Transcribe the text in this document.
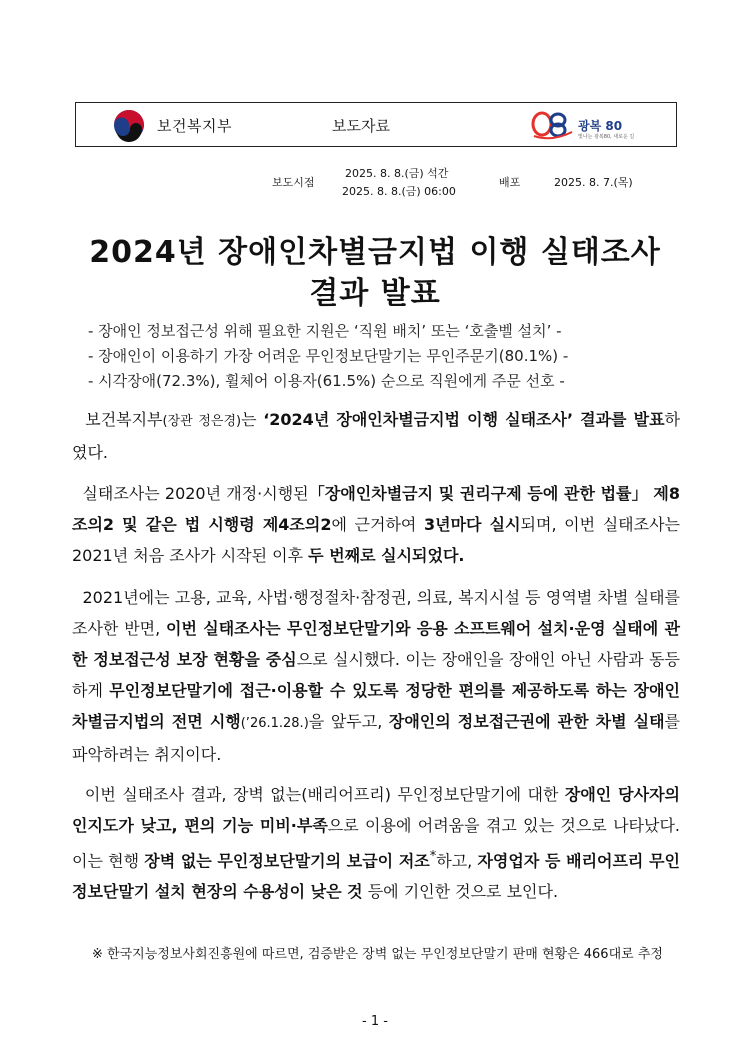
보건복지부	보도자료	광복 80
빛나는 광복80, 새로운 길
보도시점
2025. 8. 8.(금) 석간
2025. 8. 8.(금) 06:00
배포	2025. 8. 7.(목)
2024년 장애인차별금지법 이행 실태조사
결과 발표
- 장애인 정보접근성 위해 필요한 지원은 ‘직원 배치’ 또는 ‘호출벨 설치’ -
- 장애인이 이용하기 가장 어려운 무인정보단말기는 무인주문기(80.1%) -
- 시각장애(72.3%), 휠체어 이용자(61.5%) 순으로 직원에게 주문 선호 -

보건복지부(장관 정은경)는 ‘2024년 장애인차별금지법 이행 실태조사’ 결과를 발표하였다.

실태조사는 2020년 개정·시행된「장애인차별금지 및 권리구제 등에 관한 법률」 제8조의2 및 같은 법 시행령 제4조의2에 근거하여 3년마다 실시되며, 이번 실태조사는 2021년 처음 조사가 시작된 이후 두 번째로 실시되었다.

2021년에는 고용, 교육, 사법·행정절차·참정권, 의료, 복지시설 등 영역별 차별 실태를 조사한 반면, 이번 실태조사는 무인정보단말기와 응용 소프트웨어 설치·운영 실태에 관한 정보접근성 보장 현황을 중심으로 실시했다. 이는 장애인을 장애인 아닌 사람과 동등하게 무인정보단말기에 접근·이용할 수 있도록 정당한 편의를 제공하도록 하는 장애인차별금지법의 전면 시행(’26.1.28.)을 앞두고, 장애인의 정보접근권에 관한 차별 실태를 파악하려는 취지이다.

이번 실태조사 결과, 장벽 없는(배리어프리) 무인정보단말기에 대한 장애인 당사자의 인지도가 낮고, 편의 기능 미비·부족으로 이용에 어려움을 겪고 있는 것으로 나타났다. 이는 현행 장벽 없는 무인정보단말기의 보급이 저조*하고, 자영업자 등 배리어프리 무인정보단말기 설치 현장의 수용성이 낮은 것 등에 기인한 것으로 보인다.

※ 한국지능정보사회진흥원에 따르면, 검증받은 장벽 없는 무인정보단말기 판매 현황은 466대로 추정
- 1 -
